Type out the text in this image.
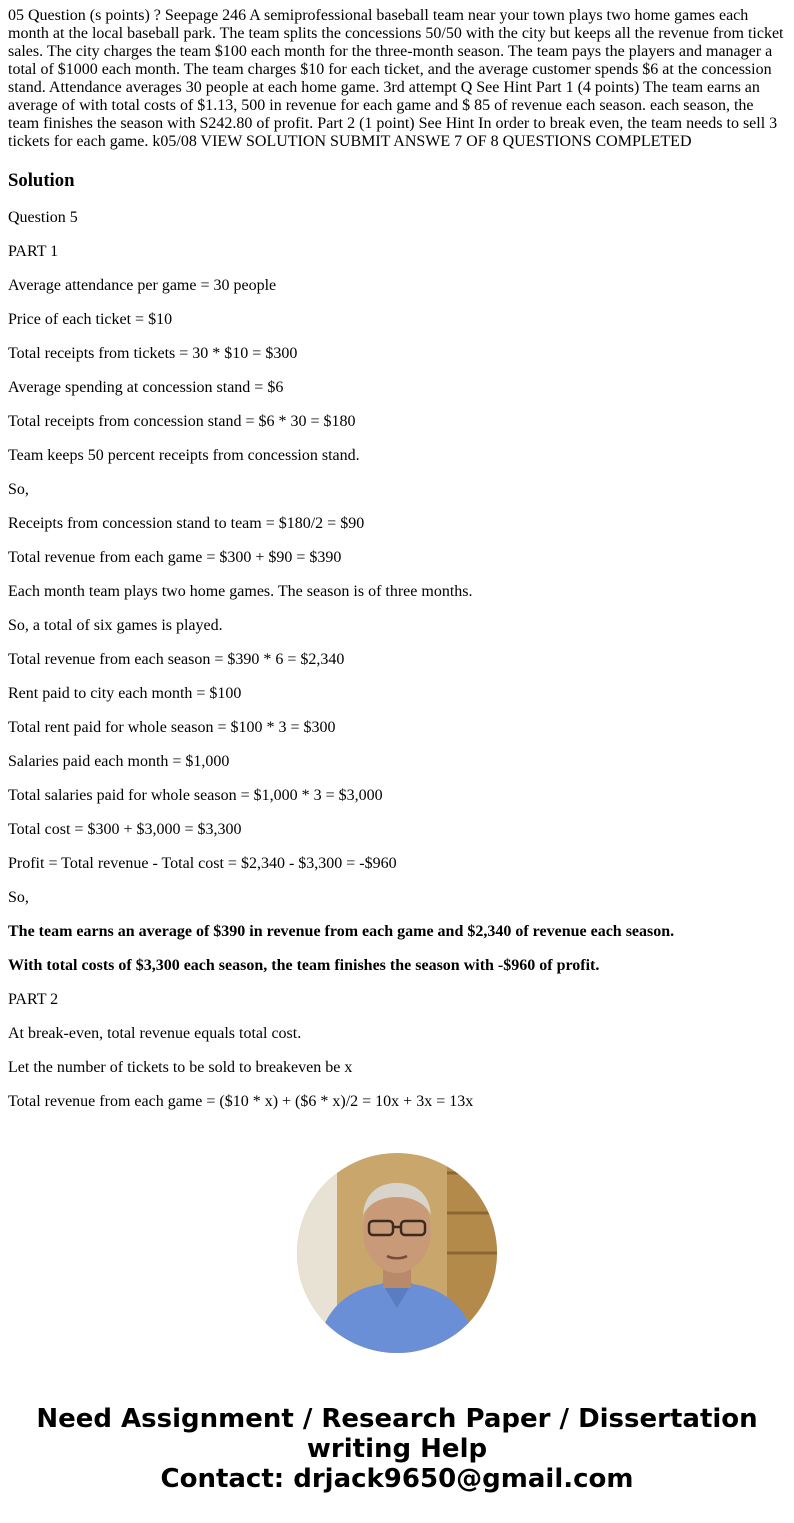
05 Question (s points) ? Seepage 246 A semiprofessional baseball team near your town plays two home games each month at the local baseball park. The team splits the concessions 50/50 with the city but keeps all the revenue from ticket sales. The city charges the team $100 each month for the three-month season. The team pays the players and manager a total of $1000 each month. The team charges $10 for each ticket, and the average customer spends $6 at the concession stand. Attendance averages 30 people at each home game. 3rd attempt Q See Hint Part 1 (4 points) The team earns an average of with total costs of $1.13, 500 in revenue for each game and $ 85 of revenue each season. each season, the team finishes the season with S242.80 of profit. Part 2 (1 point) See Hint In order to break even, the team needs to sell 3 tickets for each game. k05/08 VIEW SOLUTION SUBMIT ANSWE 7 OF 8 QUESTIONS COMPLETED

Solution

Question 5

PART 1

Average attendance per game = 30 people

Price of each ticket = $10

Total receipts from tickets = 30 * $10 = $300

Average spending at concession stand = $6

Total receipts from concession stand = $6 * 30 = $180

Team keeps 50 percent receipts from concession stand.

So,

Receipts from concession stand to team = $180/2 = $90

Total revenue from each game = $300 + $90 = $390

Each month team plays two home games. The season is of three months.

So, a total of six games is played.

Total revenue from each season = $390 * 6 = $2,340

Rent paid to city each month = $100

Total rent paid for whole season = $100 * 3 = $300

Salaries paid each month = $1,000

Total salaries paid for whole season = $1,000 * 3 = $3,000

Total cost = $300 + $3,000 = $3,300

Profit = Total revenue - Total cost = $2,340 - $3,300 = -$960

So,

The team earns an average of $390 in revenue from each game and $2,340 of revenue each season.

With total costs of $3,300 each season, the team finishes the season with -$960 of profit.

PART 2

At break-even, total revenue equals total cost.

Let the number of tickets to be sold to breakeven be x

Total revenue from each game = ($10 * x) + ($6 * x)/2 = 10x + 3x = 13x

Need Assignment / Research Paper / Dissertation
writing Help
Contact: drjack9650@gmail.com
